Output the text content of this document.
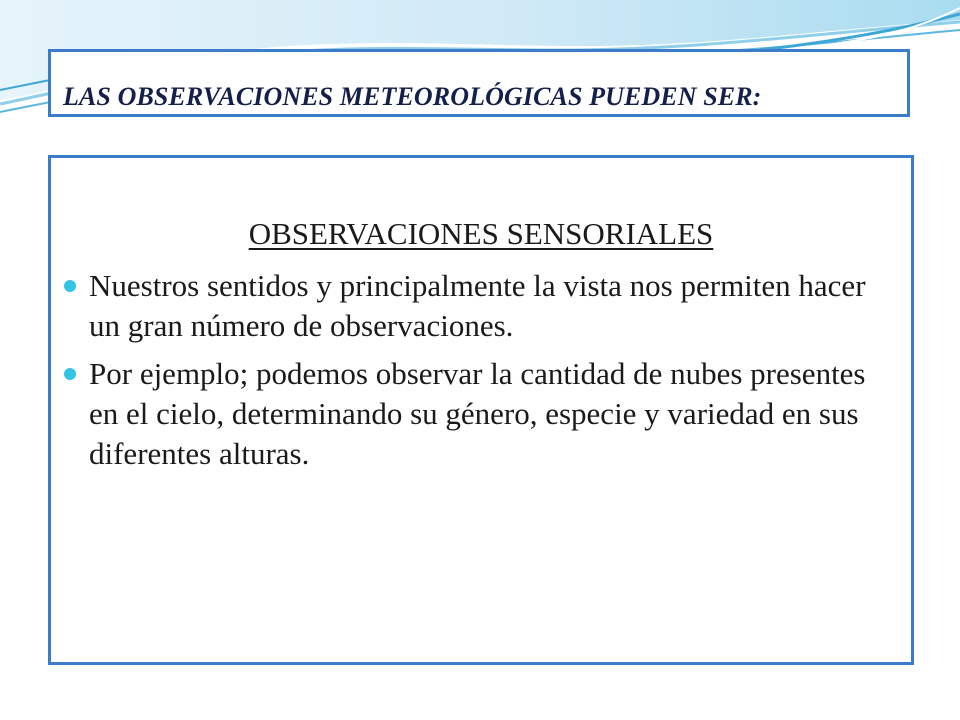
LAS OBSERVACIONES METEOROLÓGICAS PUEDEN SER:
OBSERVACIONES SENSORIALES
Nuestros sentidos y principalmente la vista nos permiten hacer un gran número de observaciones.
Por ejemplo; podemos observar la cantidad de nubes presentes en el cielo, determinando su género, especie y variedad en sus diferentes alturas.
